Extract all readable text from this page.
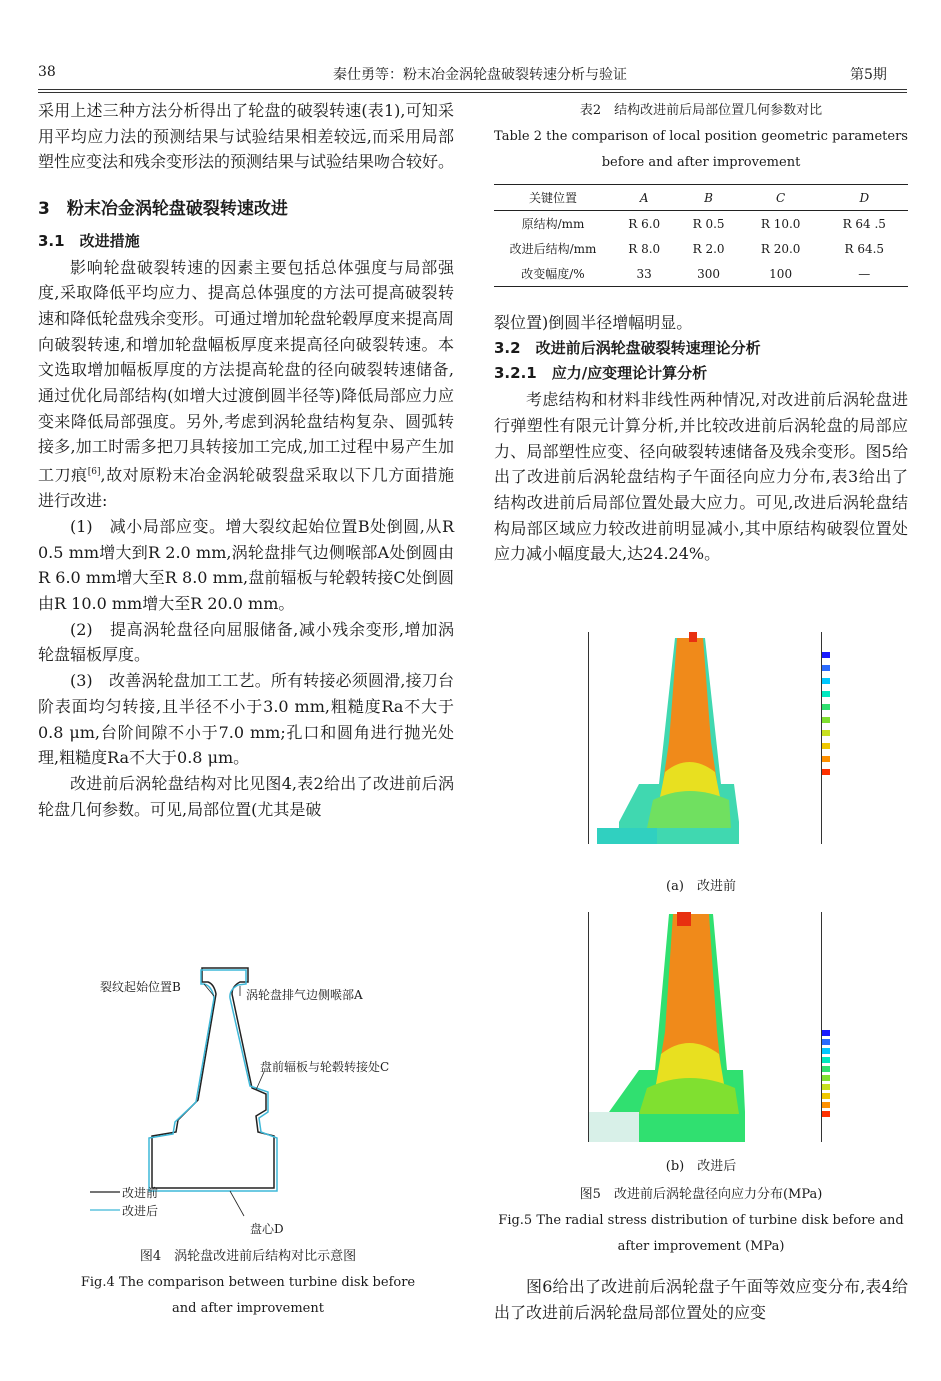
38	秦仕勇等：粉末冶金涡轮盘破裂转速分析与验证	第5期

采用上述三种方法分析得出了轮盘的破裂转速(表1),可知采用平均应力法的预测结果与试验结果相差较远,而采用局部塑性应变法和残余变形法的预测结果与试验结果吻合较好。

3　粉末冶金涡轮盘破裂转速改进

3.1　改进措施

影响轮盘破裂转速的因素主要包括总体强度与局部强度,采取降低平均应力、提高总体强度的方法可提高破裂转速和降低轮盘残余变形。可通过增加轮盘轮毂厚度来提高周向破裂转速,和增加轮盘幅板厚度来提高径向破裂转速。本文选取增加幅板厚度的方法提高轮盘的径向破裂转速储备,通过优化局部结构(如增大过渡倒圆半径等)降低局部应力应变来降低局部强度。另外,考虑到涡轮盘结构复杂、圆弧转接多,加工时需多把刀具转接加工完成,加工过程中易产生加工刀痕[6],故对原粉末冶金涡轮破裂盘采取以下几方面措施进行改进:

(1)　减小局部应变。增大裂纹起始位置B处倒圆,从R 0.5 mm增大到R 2.0 mm,涡轮盘排气边侧喉部A处倒圆由R 6.0 mm增大至R 8.0 mm,盘前辐板与轮毂转接C处倒圆由R 10.0 mm增大至R 20.0 mm。

(2)　提高涡轮盘径向屈服储备,减小残余变形,增加涡轮盘辐板厚度。

(3)　改善涡轮盘加工工艺。所有转接必须圆滑,接刀台阶表面均匀转接,且半径不小于3.0 mm,粗糙度Ra不大于0.8 μm,台阶间隙不小于7.0 mm;孔口和圆角进行抛光处理,粗糙度Ra不大于0.8 μm。

改进前后涡轮盘结构对比见图4,表2给出了改进前后涡轮盘几何参数。可见,局部位置(尤其是破

裂纹起始位置B
涡轮盘排气边侧喉部A
盘前辐板与轮毂转接处C
盘心D
改进前
改进后
图4　涡轮盘改进前后结构对比示意图
Fig.4 The comparison between turbine disk before
and after improvement
表2　结构改进前后局部位置几何参数对比
Table 2 the comparison of local position geometric parameters
before and after improvement
关键位置	A	B	C	D
原结构/mm	R 6.0	R 0.5	R 10.0	R 64 .5
改进后结构/mm	R 8.0	R 2.0	R 20.0	R 64.5
改变幅度/%	33	300	100	—

裂位置)倒圆半径增幅明显。

3.2　改进前后涡轮盘破裂转速理论分析

3.2.1　应力/应变理论计算分析

考虑结构和材料非线性两种情况,对改进前后涡轮盘进行弹塑性有限元计算分析,并比较改进前后涡轮盘的局部应力、局部塑性应变、径向破裂转速储备及残余变形。图5给出了改进前后涡轮盘结构子午面径向应力分布,表3给出了结构改进前后局部位置处最大应力。可见,改进后涡轮盘结构局部区域应力较改进前明显减小,其中原结构破裂位置处应力减小幅度最大,达24.24%。

(a)　改进前
(b)　改进后
图5　改进前后涡轮盘径向应力分布(MPa)
Fig.5 The radial stress distribution of turbine disk before and
after improvement (MPa)

图6给出了改进前后涡轮盘子午面等效应变分布,表4给出了改进前后涡轮盘局部位置处的应变
